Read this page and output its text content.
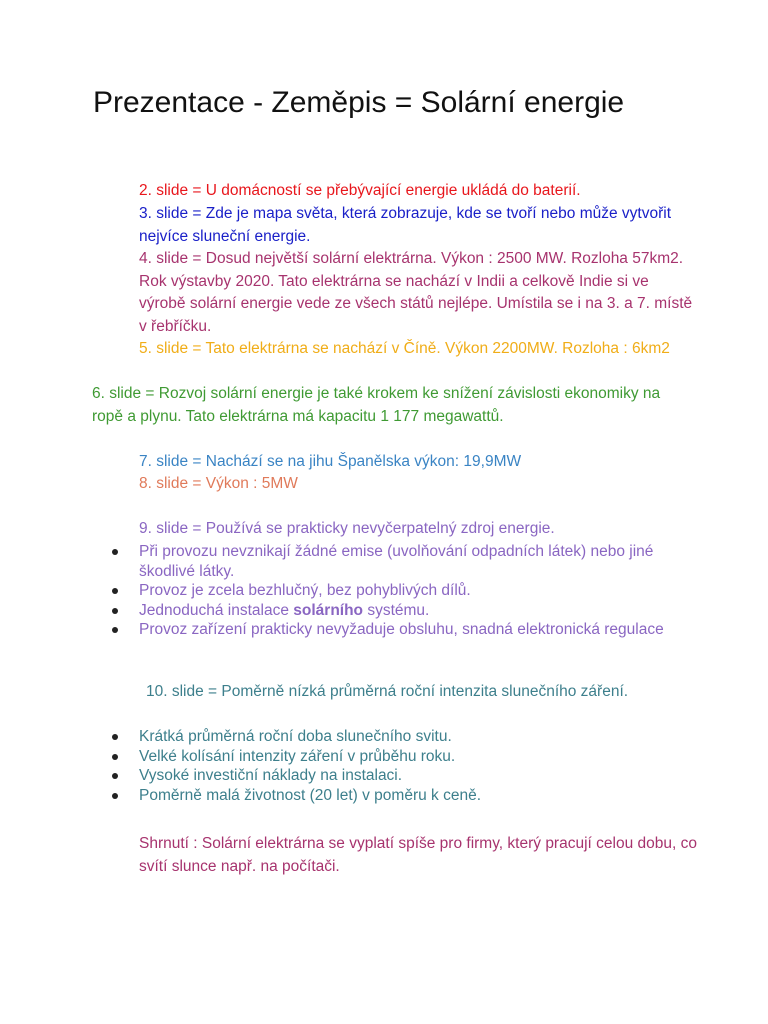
Prezentace - Zeměpis = Solární energie

2. slide = U domácností se přebývající energie ukládá do baterií.

3. slide = Zde je mapa světa, která zobrazuje, kde se tvoří nebo může vytvořit nejvíce sluneční energie.

4. slide = Dosud největší solární elektrárna. Výkon : 2500 MW. Rozloha 57km2. Rok výstavby 2020. Tato elektrárna se nachází v Indii a celkově Indie si ve výrobě solární energie vede ze všech států nejlépe. Umístila se i na 3. a 7. místě v řebříčku.

5. slide = Tato elektrárna se nachází v Číně. Výkon 2200MW. Rozloha : 6km2

6. slide = Rozvoj solární energie je také krokem ke snížení závislosti ekonomiky na ropě a plynu. Tato elektrárna má kapacitu 1 177 megawattů.

7. slide = Nachází se na jihu Španělska výkon: 19,9MW

8. slide = Výkon : 5MW

9. slide = Používá se prakticky nevyčerpatelný zdroj energie.

Při provozu nevznikají žádné emise (uvolňování odpadních látek) nebo jiné škodlivé látky.
Provoz je zcela bezhlučný, bez pohyblivých dílů.
Jednoduchá instalace solárního systému.
Provoz zařízení prakticky nevyžaduje obsluhu, snadná elektronická regulace

10. slide = Poměrně nízká průměrná roční intenzita slunečního záření.

Krátká průměrná roční doba slunečního svitu.
Velké kolísání intenzity záření v průběhu roku.
Vysoké investiční náklady na instalaci.
Poměrně malá životnost (20 let) v poměru k ceně.

Shrnutí : Solární elektrárna se vyplatí spíše pro firmy, který pracují celou dobu, co svítí slunce např. na počítači.
